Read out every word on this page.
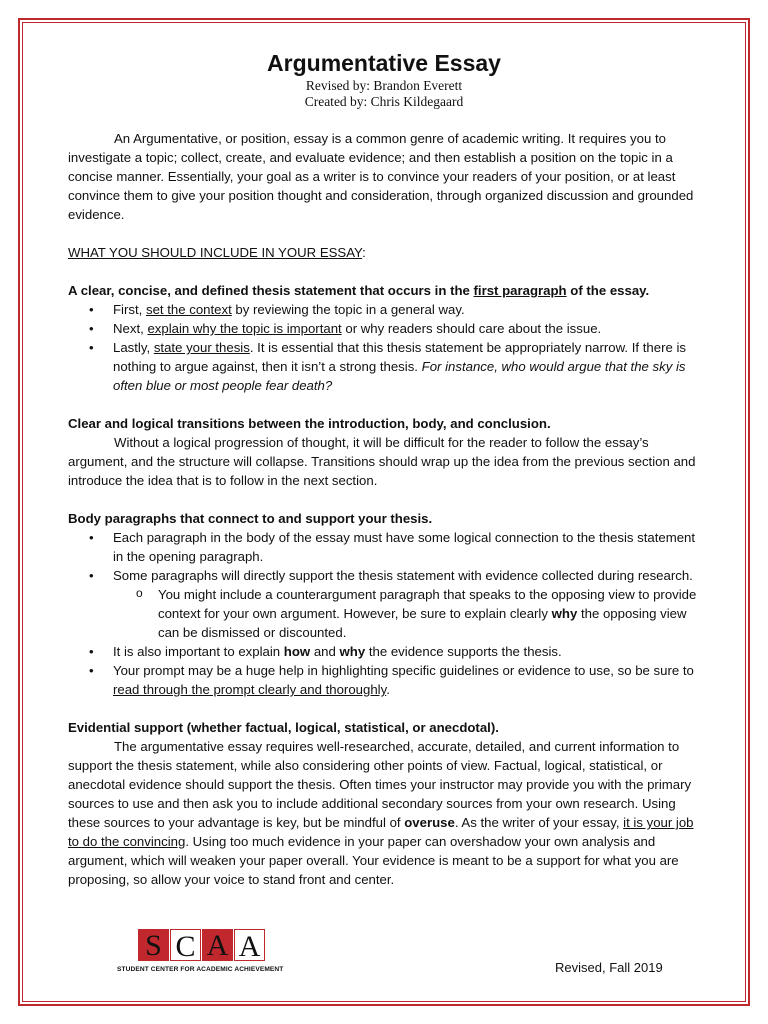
Argumentative Essay
Revised by: Brandon Everett
Created by: Chris Kildegaard

An Argumentative, or position, essay is a common genre of academic writing. It requires you to investigate a topic; collect, create, and evaluate evidence; and then establish a position on the topic in a concise manner. Essentially, your goal as a writer is to convince your readers of your position, or at least convince them to give your position thought and consideration, through organized discussion and grounded evidence.

WHAT YOU SHOULD INCLUDE IN YOUR ESSAY:

A clear, concise, and defined thesis statement that occurs in the first paragraph of the essay.

• First, set the context by reviewing the topic in a general way.
• Next, explain why the topic is important or why readers should care about the issue.
• Lastly, state your thesis. It is essential that this thesis statement be appropriately narrow. If there is nothing to argue against, then it isn’t a strong thesis. For instance, who would argue that the sky is often blue or most people fear death?

Clear and logical transitions between the introduction, body, and conclusion.

Without a logical progression of thought, it will be difficult for the reader to follow the essay’s argument, and the structure will collapse. Transitions should wrap up the idea from the previous section and introduce the idea that is to follow in the next section.

Body paragraphs that connect to and support your thesis.

• Each paragraph in the body of the essay must have some logical connection to the thesis statement in the opening paragraph.
• Some paragraphs will directly support the thesis statement with evidence collected during research.
o You might include a counterargument paragraph that speaks to the opposing view to provide context for your own argument. However, be sure to explain clearly why the opposing view can be dismissed or discounted.
• It is also important to explain how and why the evidence supports the thesis.
• Your prompt may be a huge help in highlighting specific guidelines or evidence to use, so be sure to read through the prompt clearly and thoroughly.

Evidential support (whether factual, logical, statistical, or anecdotal).

The argumentative essay requires well-researched, accurate, detailed, and current information to support the thesis statement, while also considering other points of view. Factual, logical, statistical, or anecdotal evidence should support the thesis. Often times your instructor may provide you with the primary sources to use and then ask you to include additional secondary sources from your own research. Using these sources to your advantage is key, but be mindful of overuse. As the writer of your essay, it is your job to do the convincing. Using too much evidence in your paper can overshadow your own analysis and argument, which will weaken your paper overall. Your evidence is meant to be a support for what you are proposing, so allow your voice to stand front and center.

S C A A
STUDENT CENTER FOR ACADEMIC ACHIEVEMENT	Revised, Fall 2019
